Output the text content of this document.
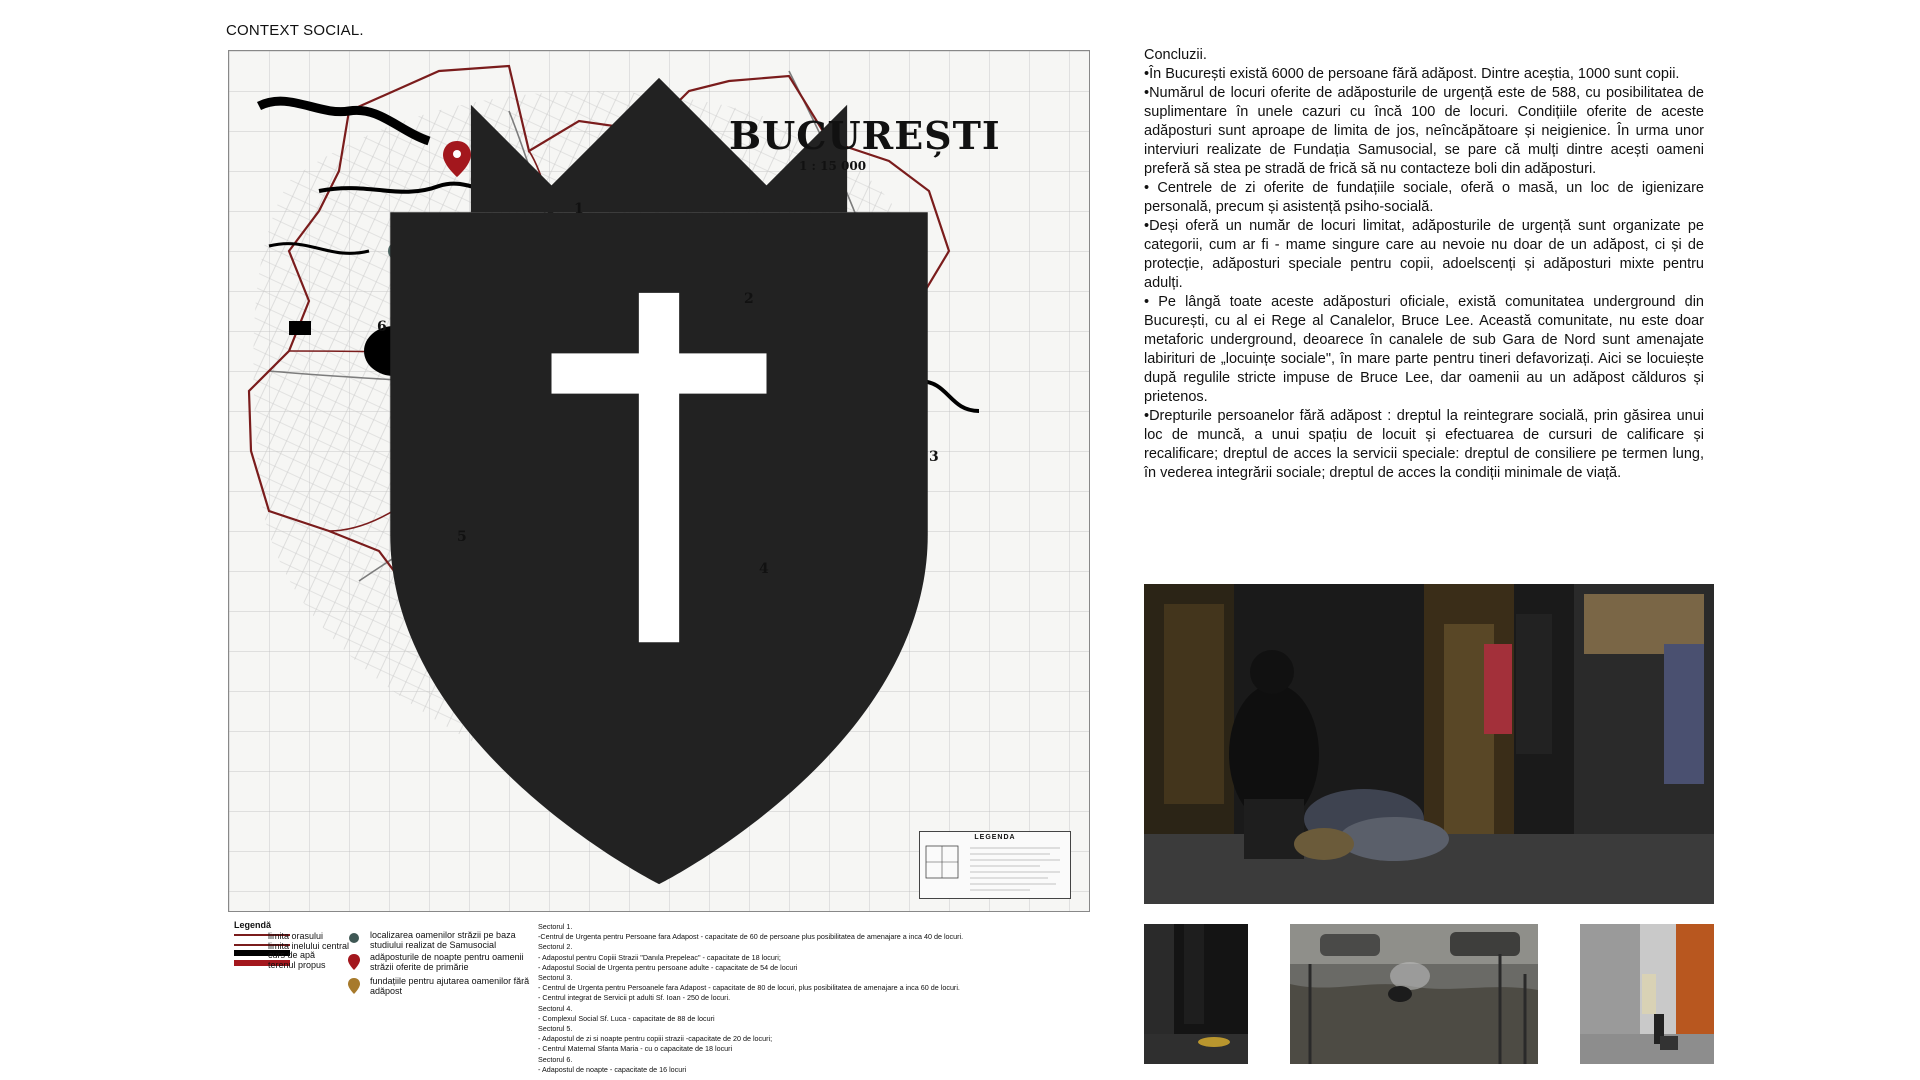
CONTEXT SOCIAL.
BUCUREȘTI
1 : 15 000
1
2
3
4
5
6
LEGENDA
Legendă
limita orasului
limita inelului central
curs de apă
terenul propus
localizarea oamenilor străzii pe baza studiului realizat de Samusocial
adăposturile de noapte pentru oamenii străzii oferite de primărie
fundațiile pentru ajutarea oamenilor fără adăpost
Sectorul 1.
-Centrul de Urgenta pentru Persoane fara Adapost - capacitate de 60 de persoane plus posibilitatea de amenajare a inca 40 de locuri.
Sectorul 2.
- Adapostul pentru Copiii Strazii "Danıla Prepeleac" - capacitate de 18 locuri;
- Adapostul Social de Urgenta pentru persoane adulte - capacitate de 54 de locuri
Sectorul 3.
- Centrul de Urgenta pentru Persoanele fara Adapost - capacitate de 80 de locuri, plus posibilitatea de amenajare a inca 60 de locuri.
- Centrul integrat de Servicii pt adulti Sf. Ioan - 250 de locuri.
Sectorul 4.
- Complexul Social Sf. Luca - capacitate de 88 de locuri
Sectorul 5.
- Adapostul de zi si noapte pentru copiii strazii -capacitate de 20 de locuri;
- Centrul Maternal Sfanta Maria - cu o capacitate de 18 locuri
Sectorul 6.
- Adapostul de noapte - capacitate de 16 locuri

Concluzii.

•În București există 6000 de persoane fără adăpost. Dintre aceștia, 1000 sunt copii.

•Numărul de locuri oferite de adăposturile de urgență este de 588, cu posibilitatea de suplimentare în unele cazuri cu încă 100 de locuri. Condițiile oferite de aceste adăposturi sunt aproape de limita de jos, neîncăpătoare și neigienice. În urma unor interviuri realizate de Fundația Samusocial, se pare că mulți dintre acești oameni preferă să stea pe stradă de frică să nu contacteze boli din adăposturi.

• Centrele de zi oferite de fundațiile sociale, oferă o masă, un loc de igienizare personală, precum și asistență psiho-socială.

•Deși oferă un număr de locuri limitat, adăposturile de urgență sunt organizate pe categorii, cum ar fi - mame singure care au nevoie nu doar de un adăpost, ci și de protecție, adăposturi speciale pentru copii, adoelscenți și adăposturi mixte pentru adulți.

• Pe lângă toate aceste adăposturi oficiale, există comunitatea underground din București, cu al ei Rege al Canalelor, Bruce Lee. Această comunitate, nu este doar metaforic underground, deoarece în canalele de sub Gara de Nord sunt amenajate labirituri de „locuințe sociale", în mare parte pentru tineri defavorizați. Aici se locuiește după regulile stricte impuse de Bruce Lee, dar oamenii au un adăpost călduros și prietenos.

•Drepturile persoanelor fără adăpost : dreptul la reintegrare socială, prin găsirea unui loc de muncă, a unui spațiu de locuit și efectuarea de cursuri de calificare și recalificare; dreptul de acces la servicii speciale: dreptul de consiliere pe termen lung, în vederea integrării sociale; dreptul de acces la condiții minimale de viață.
